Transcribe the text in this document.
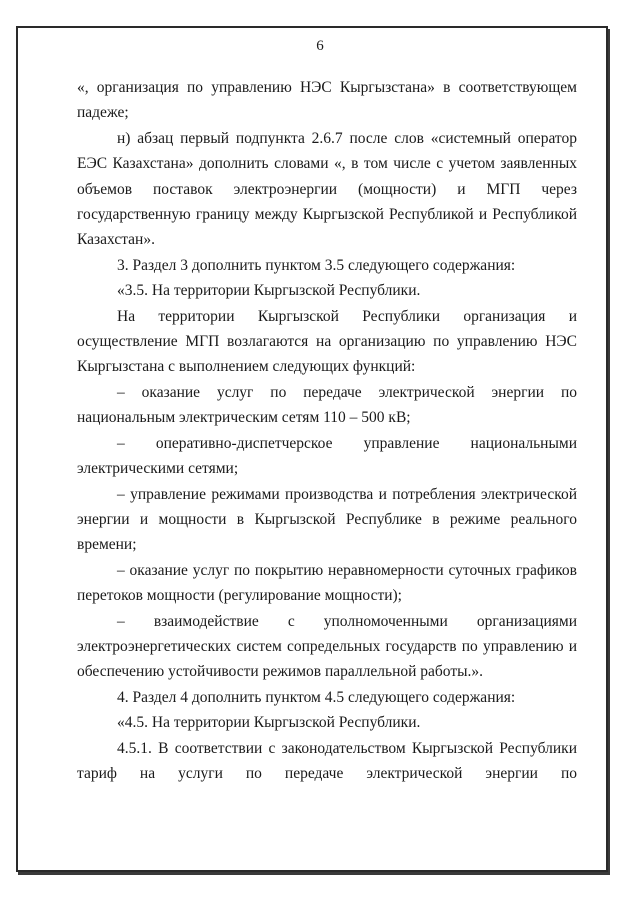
6

«, организация по управлению НЭС Кыргызстана» в соответствующем падеже;

н) абзац первый подпункта 2.6.7 после слов «системный оператор ЕЭС Казахстана» дополнить словами «, в том числе с учетом заявленных объемов поставок электроэнергии (мощности) и МГП через государственную границу между Кыргызской Республикой и Республикой Казахстан».

3. Раздел 3 дополнить пунктом 3.5 следующего содержания:

«3.5. На территории Кыргызской Республики.

На территории Кыргызской Республики организация и осуществление МГП возлагаются на организацию по управлению НЭС Кыргызстана с выполнением следующих функций:

– оказание услуг по передаче электрической энергии по национальным электрическим сетям 110 – 500 кВ;

– оперативно-диспетчерское управление национальными электрическими сетями;

– управление режимами производства и потребления электрической энергии и мощности в Кыргызской Республике в режиме реального времени;

– оказание услуг по покрытию неравномерности суточных графиков перетоков мощности (регулирование мощности);

– взаимодействие с уполномоченными организациями электроэнергетических систем сопредельных государств по управлению и обеспечению устойчивости режимов параллельной работы.».

4. Раздел 4 дополнить пунктом 4.5 следующего содержания:

«4.5. На территории Кыргызской Республики.

4.5.1. В соответствии с законодательством Кыргызской Республики тариф на услуги по передаче электрической энергии по
